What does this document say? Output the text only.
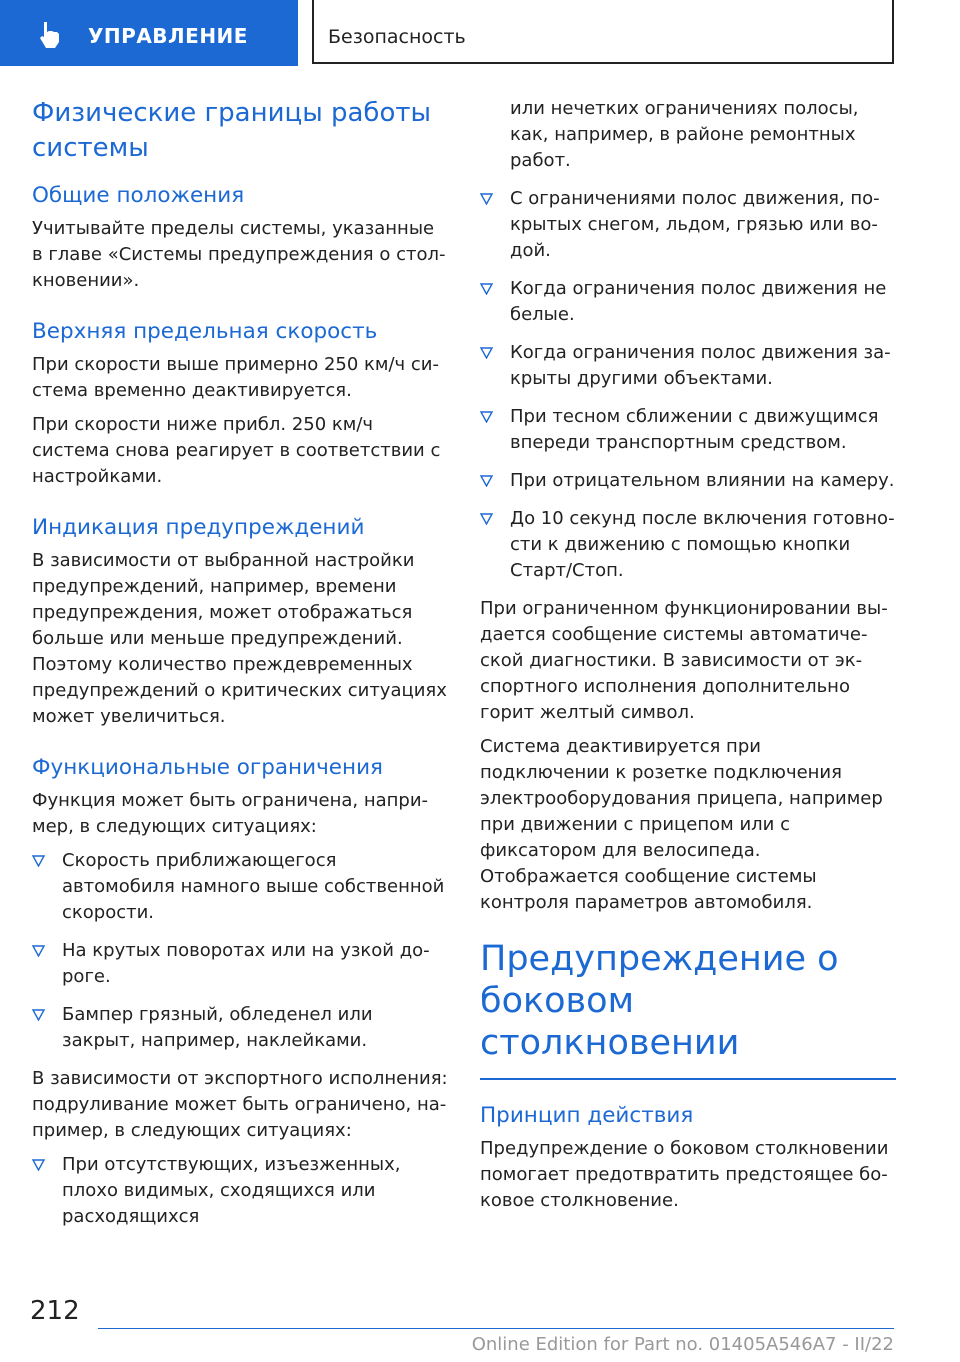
УПРАВЛЕНИЕ	Безопасность
Физические границы работы системы
Общие положения

Учитывайте пределы системы, указанные в главе «Системы предупреждения о столкновении».

Верхняя предельная скорость

При скорости выше примерно 250 км/ч система временно деактивируется.

При скорости ниже прибл. 250 км/ч система снова реагирует в соответствии с настройками.

Индикация предупреждений

В зависимости от выбранной настройки предупреждений, например, времени предупреждения, может отображаться больше или меньше предупреждений. Поэтому количество преждевременных предупреждений о критических ситуациях может увеличиться.

Функциональные ограничения

Функция может быть ограничена, например, в следующих ситуациях:

Скорость приближающегося автомобиля намного выше собственной скорости.
На крутых поворотах или на узкой дороге.
Бампер грязный, обледенел или закрыт, например, наклейками.

В зависимости от экспортного исполнения: подруливание может быть ограничено, например, в следующих ситуациях:

При отсутствующих, изъезженных, плохо видимых, сходящихся или расходящихся

или нечетких ограничениях полосы, как, например, в районе ремонтных работ.

С ограничениями полос движения, покрытых снегом, льдом, грязью или водой.
Когда ограничения полос движения не белые.
Когда ограничения полос движения закрыты другими объектами.
При тесном сближении с движущимся впереди транспортным средством.
При отрицательном влиянии на камеру.
До 10 секунд после включения готовности к движению с помощью кнопки Старт/Стоп.

При ограниченном функционировании выдается сообщение системы автоматической диагностики. В зависимости от экспортного исполнения дополнительно горит желтый символ.

Система деактивируется при подключении к розетке подключения электрооборудования прицепа, например при движении с прицепом или с фиксатором для велосипеда. Отображается сообщение системы контроля параметров автомобиля.

Предупреждение о боковом столкновении
Принцип действия

Предупреждение о боковом столкновении помогает предотвратить предстоящее боковое столкновение.

212
Online Edition for Part no. 01405A546A7 - II/22
